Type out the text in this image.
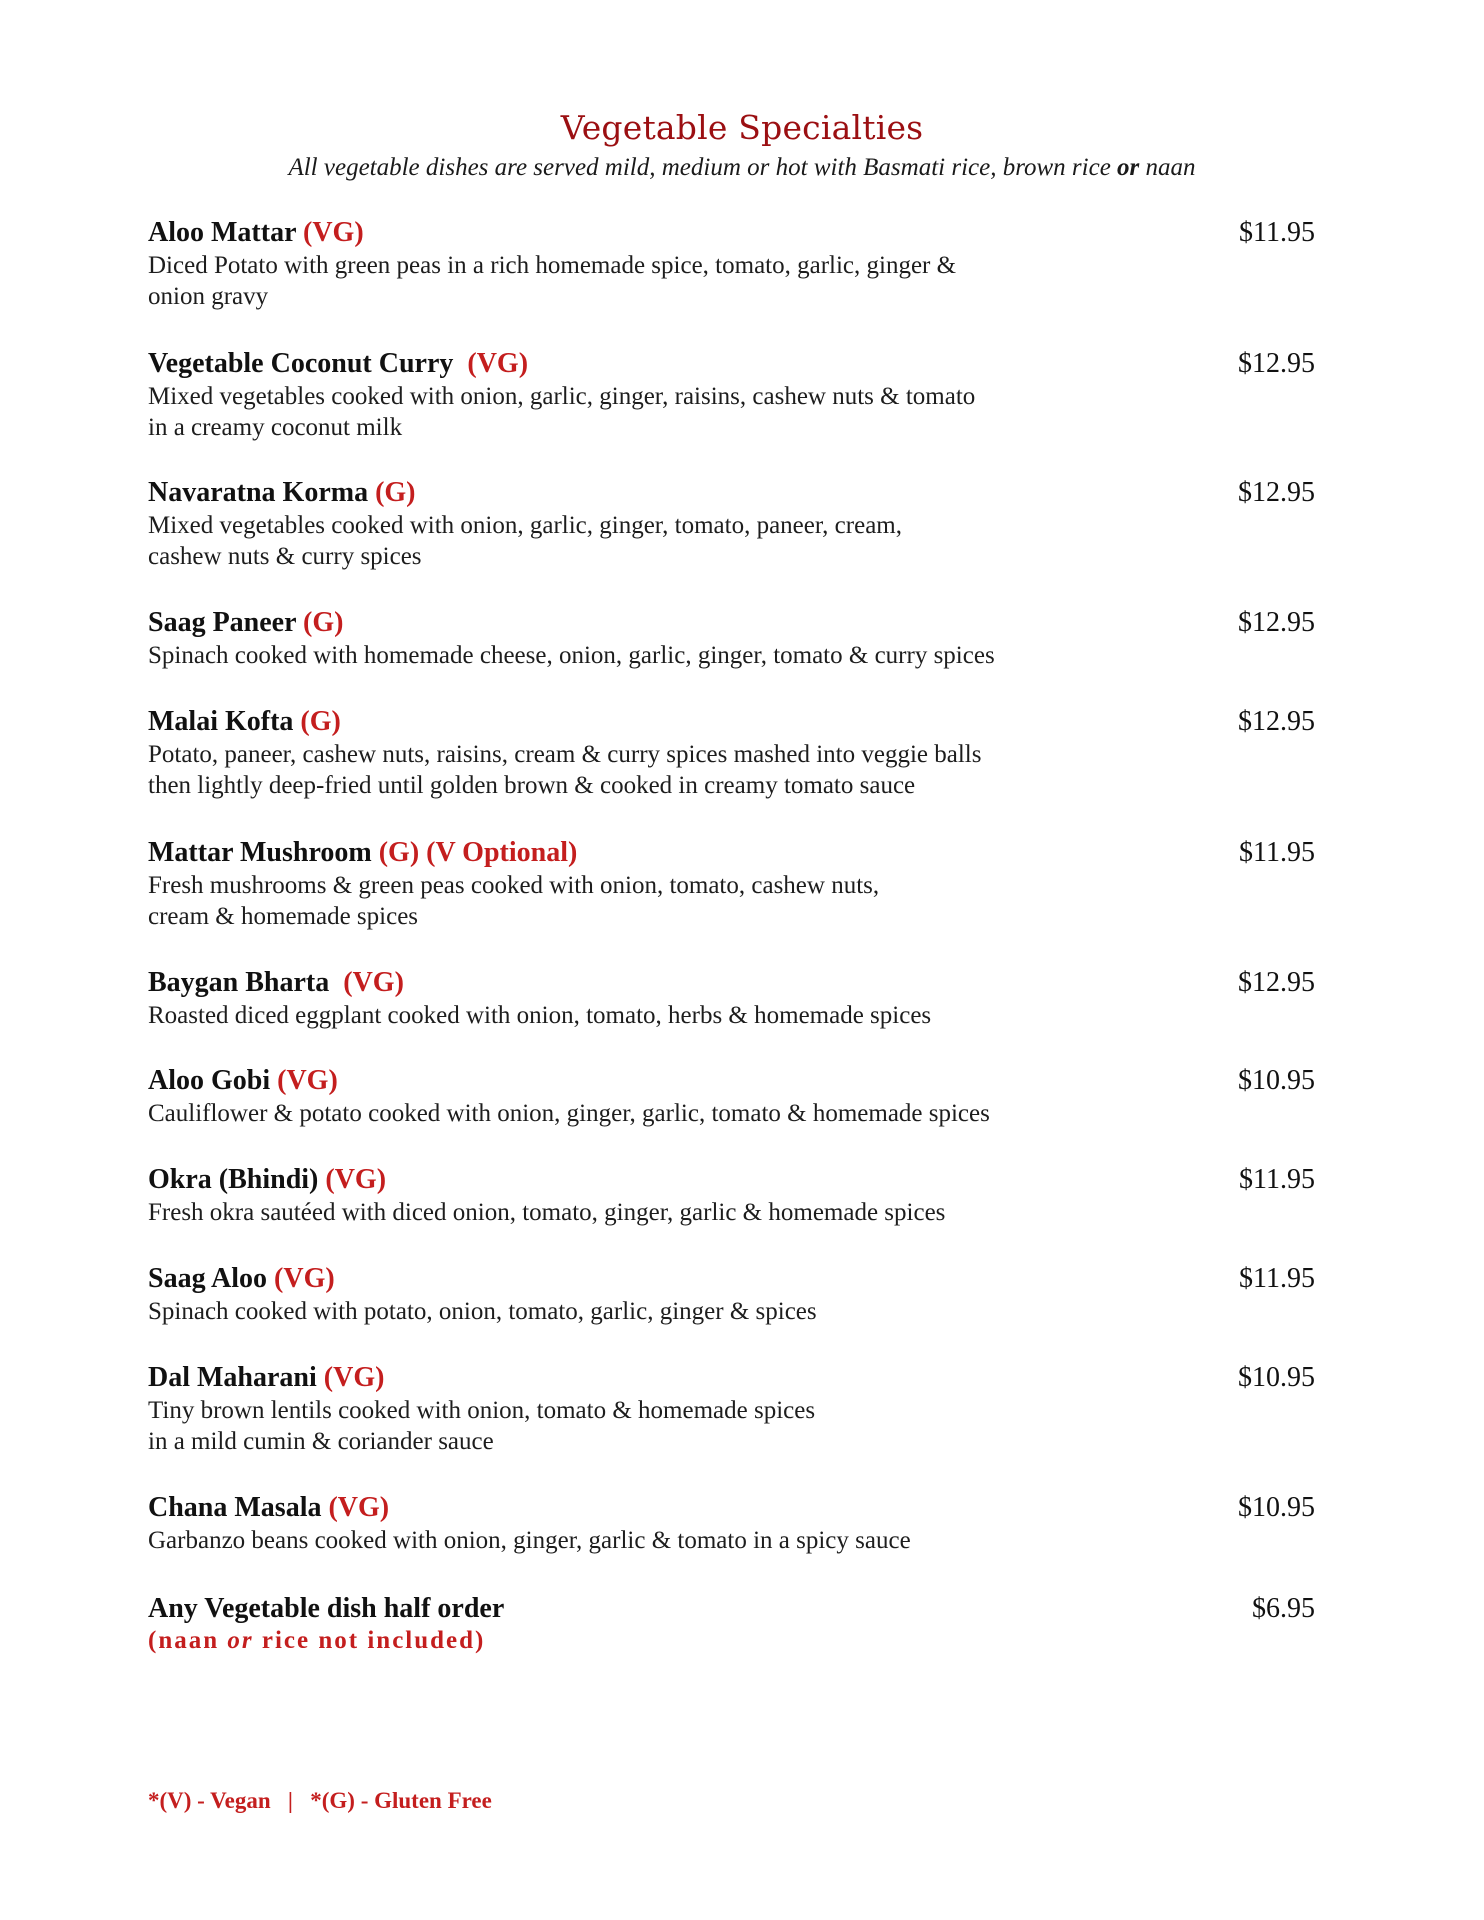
Vegetable Specialties
All vegetable dishes are served mild, medium or hot with Basmati rice, brown rice or naan
Aloo Mattar (VG)	$11.95
Diced Potato with green peas in a rich homemade spice, tomato, garlic, ginger &
onion gravy
Vegetable Coconut Curry  (VG)	$12.95
Mixed vegetables cooked with onion, garlic, ginger, raisins, cashew nuts & tomato
in a creamy coconut milk
Navaratna Korma (G)	$12.95
Mixed vegetables cooked with onion, garlic, ginger, tomato, paneer, cream,
cashew nuts & curry spices
Saag Paneer (G)	$12.95
Spinach cooked with homemade cheese, onion, garlic, ginger, tomato & curry spices
Malai Kofta (G)	$12.95
Potato, paneer, cashew nuts, raisins, cream & curry spices mashed into veggie balls
then lightly deep-fried until golden brown & cooked in creamy tomato sauce
Mattar Mushroom (G) (V Optional)	$11.95
Fresh mushrooms & green peas cooked with onion, tomato, cashew nuts,
cream & homemade spices
Baygan Bharta  (VG)	$12.95
Roasted diced eggplant cooked with onion, tomato, herbs & homemade spices
Aloo Gobi (VG)	$10.95
Cauliflower & potato cooked with onion, ginger, garlic, tomato & homemade spices
Okra (Bhindi) (VG)	$11.95
Fresh okra sautéed with diced onion, tomato, ginger, garlic & homemade spices
Saag Aloo (VG)	$11.95
Spinach cooked with potato, onion, tomato, garlic, ginger & spices
Dal Maharani (VG)	$10.95
Tiny brown lentils cooked with onion, tomato & homemade spices
in a mild cumin & coriander sauce
Chana Masala (VG)	$10.95
Garbanzo beans cooked with onion, ginger, garlic & tomato in a spicy sauce
Any Vegetable dish half order	$6.95
(naan or rice not included)
*(V) - Vegan   |   *(G) - Gluten Free
